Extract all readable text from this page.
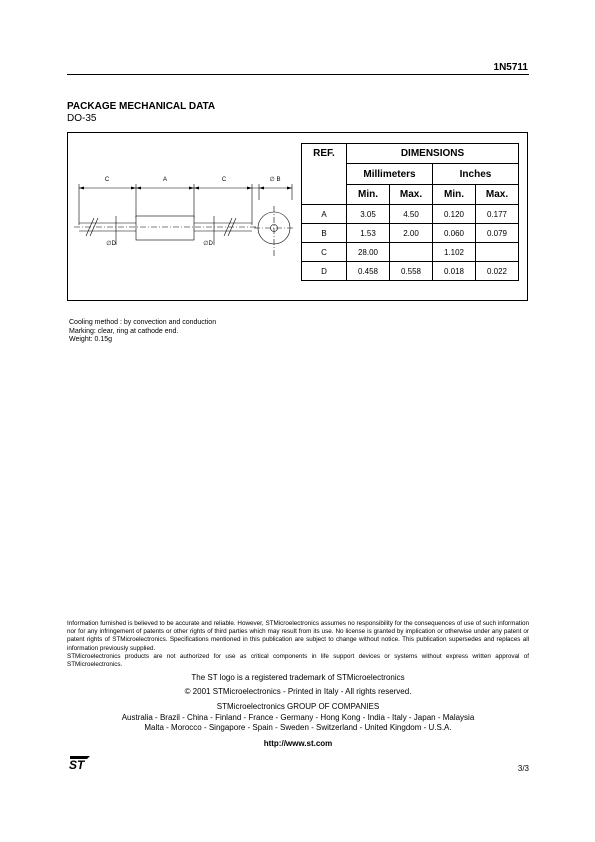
1N5711
PACKAGE MECHANICAL DATA
DO-35
C	A	C	∅ B
∅D	∅D
REF.	DIMENSIONS			
	Millimeters		Inches	
	Min.	Max.	Min.	Max.
A	3.05	4.50	0.120	0.177
B	1.53	2.00	0.060	0.079
C	28.00		1.102	
D	0.458	0.558	0.018	0.022
Cooling method : by convection and conduction
Marking: clear, ring at cathode end.
Weight: 0.15g
Information furnished is believed to be accurate and reliable. However, STMicroelectronics assumes no responsibility for the consequences of use of such information nor for any infringement of patents or other rights of third parties which may result from its use. No license is granted by implication or otherwise under any patent or patent rights of STMicroelectronics. Specifications mentioned in this publication are subject to change without notice. This publication supersedes and replaces all information previously supplied.
STMicroelectronics products are not authorized for use as critical components in life support devices or systems without express written approval of STMicroelectronics.
The ST logo is a registered trademark of STMicroelectronics
© 2001 STMicroelectronics - Printed in Italy - All rights reserved.
STMicroelectronics GROUP OF COMPANIES
Australia - Brazil - China - Finland - France - Germany - Hong Kong - India - Italy - Japan - Malaysia
Malta - Morocco - Singapore - Spain - Sweden - Switzerland - United Kingdom - U.S.A.
http://www.st.com
ST	3/3
